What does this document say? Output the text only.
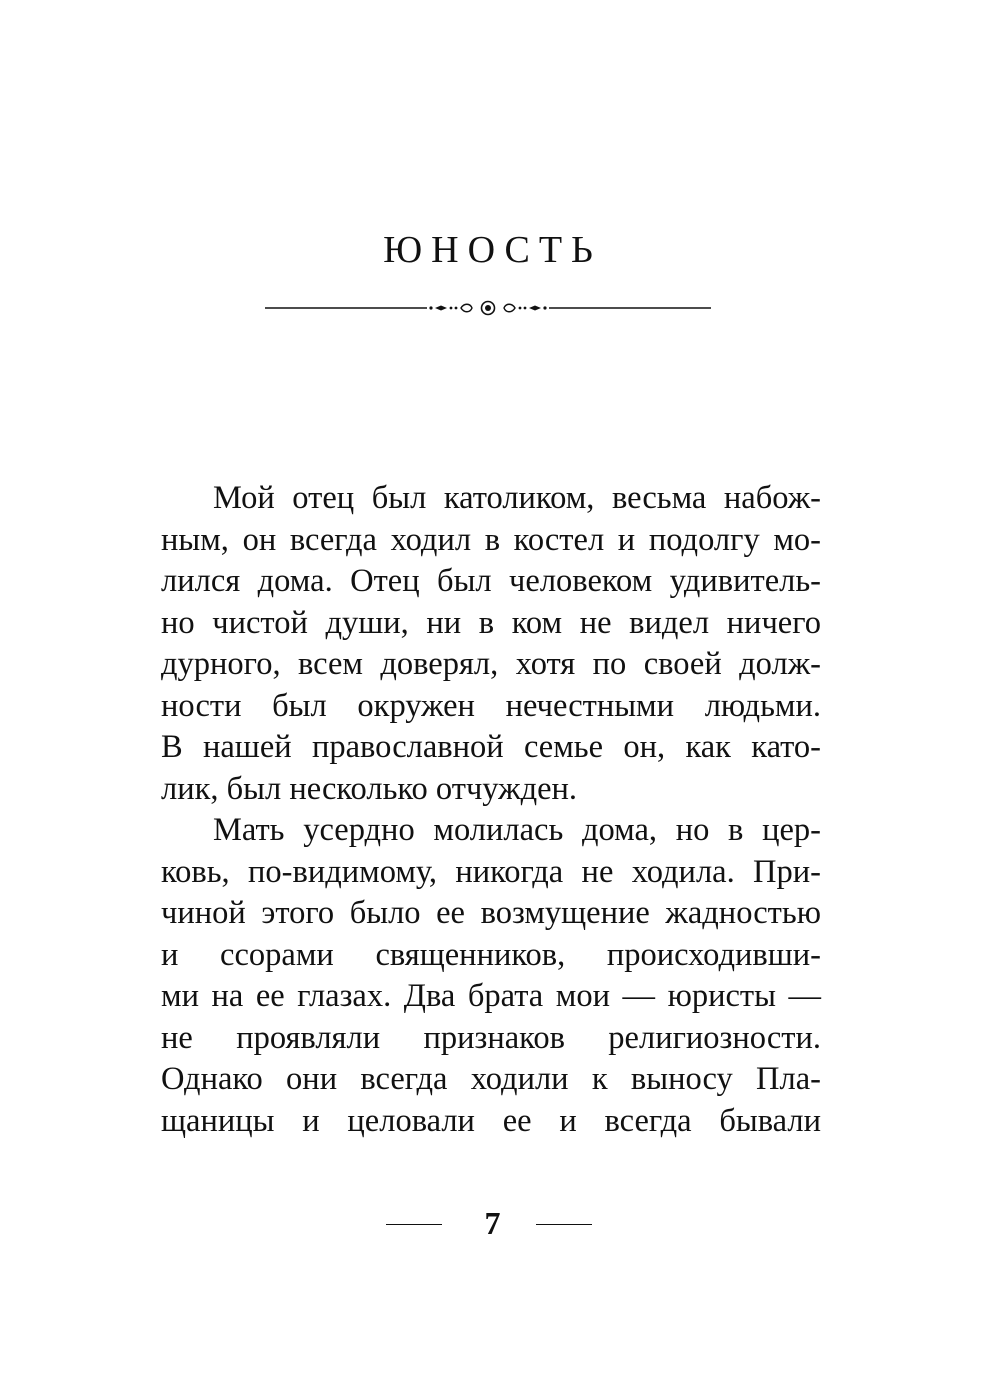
ЮНОСТЬ
Мой отец был католиком, весьма набож-
ным, он всегда ходил в костел и подолгу мо-
лился дома. Отец был человеком удивитель-
но чистой души, ни в ком не видел ничего
дурного, всем доверял, хотя по своей долж-
ности был окружен нечестными людьми.
В нашей православной семье он, как като-
лик, был несколько отчужден.
Мать усердно молилась дома, но в цер-
ковь, по-видимому, никогда не ходила. При-
чиной этого было ее возмущение жадностью
и ссорами священников, происходивши-
ми на ее глазах. Два брата мои — юристы —
не проявляли признаков религиозности.
Однако они всегда ходили к выносу Пла-
щаницы и целовали ее и всегда бывали
7
